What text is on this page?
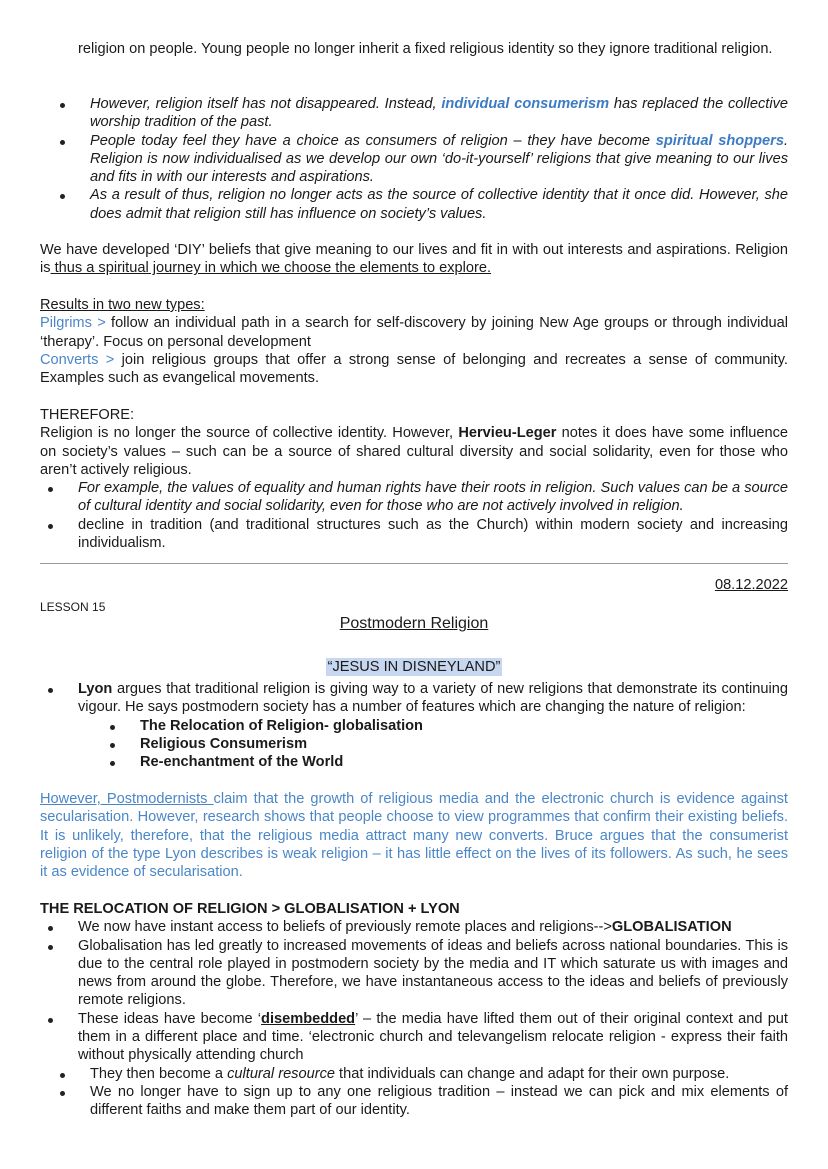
religion on people. Young people no longer inherit a fixed religious identity so they ignore traditional religion.

However, religion itself has not disappeared. Instead, individual consumerism has replaced the collective worship tradition of the past.
People today feel they have a choice as consumers of religion – they have become spiritual shoppers. Religion is now individualised as we develop our own ‘do-it-yourself’ religions that give meaning to our lives and fits in with our interests and aspirations.
As a result of thus, religion no longer acts as the source of collective identity that it once did. However, she does admit that religion still has influence on society’s values.

We have developed ‘DIY’ beliefs that give meaning to our lives and fit in with out interests and aspirations. Religion is thus a spiritual journey in which we choose the elements to explore.

Results in two new types:

Pilgrims > follow an individual path in a search for self-discovery by joining New Age groups or through individual ‘therapy’. Focus on personal development

Converts > join religious groups that offer a strong sense of belonging and recreates a sense of community. Examples such as evangelical movements.

THEREFORE:

Religion is no longer the source of collective identity. However, Hervieu-Leger notes it does have some influence on society’s values – such can be a source of shared cultural diversity and social solidarity, even for those who aren’t actively religious.

For example, the values of equality and human rights have their roots in religion. Such values can be a source of cultural identity and social solidarity, even for those who are not actively involved in religion.
decline in tradition (and traditional structures such as the Church) within modern society and increasing individualism.
08.12.2022
LESSON 15
Postmodern Religion
“JESUS IN DISNEYLAND”
Lyon argues that traditional religion is giving way to a variety of new religions that demonstrate its continuing vigour. He says postmodern society has a number of features which are changing the nature of religion:
The Relocation of Religion- globalisation
Religious Consumerism
Re-enchantment of the World

However, Postmodernists claim that the growth of religious media and the electronic church is evidence against secularisation. However, research shows that people choose to view programmes that confirm their existing beliefs. It is unlikely, therefore, that the religious media attract many new converts. Bruce argues that the consumerist religion of the type Lyon describes is weak religion – it has little effect on the lives of its followers. As such, he sees it as evidence of secularisation.

THE RELOCATION OF RELIGION > GLOBALISATION + LYON

We now have instant access to beliefs of previously remote places and religions-->GLOBALISATION
Globalisation has led greatly to increased movements of ideas and beliefs across national boundaries. This is due to the central role played in postmodern society by the media and IT which saturate us with images and news from around the globe. Therefore, we have instantaneous access to the ideas and beliefs of previously remote religions.
These ideas have become ‘disembedded’ – the media have lifted them out of their original context and put them in a different place and time. ‘electronic church and televangelism relocate religion - express their faith without physically attending church
They then become a cultural resource that individuals can change and adapt for their own purpose.
We no longer have to sign up to any one religious tradition – instead we can pick and mix elements of different faiths and make them part of our identity.
